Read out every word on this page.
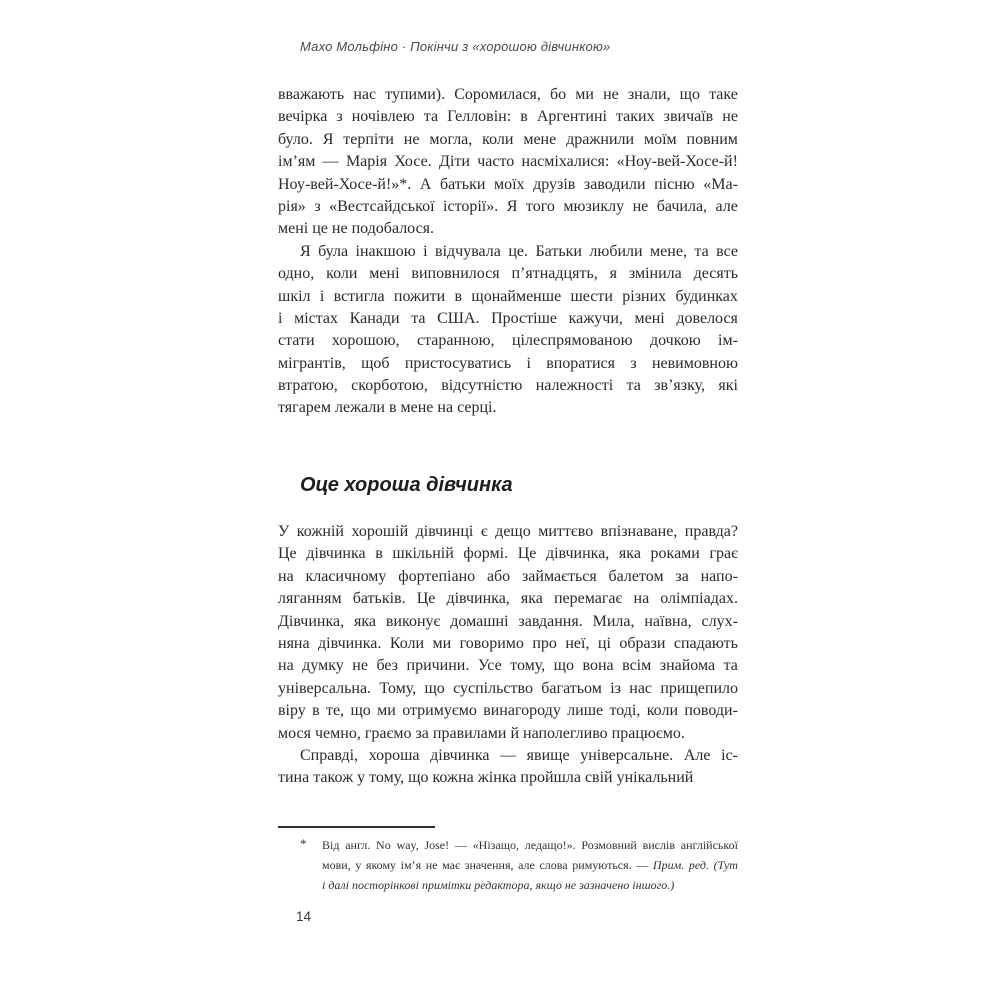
Махо Мольфіно · Покінчи з «хорошою дівчинкою»
вважають нас тупими). Соромилася, бо ми не знали, що таке
вечірка з ночівлею та Гелловін: в Аргентині таких звичаїв не
було. Я терпіти не могла, коли мене дражнили моїм повним
ім’ям — Марія Хосе. Діти часто насміхалися: «Ноу-вей-Хосе-й!
Ноу-вей-Хосе-й!»*. А батьки моїх друзів заводили пісню «Ма-
рія» з «Вестсайдської історії». Я того мюзиклу не бачила, але
мені це не подобалося.
Я була інакшою і відчувала це. Батьки любили мене, та все
одно, коли мені виповнилося п’ятнадцять, я змінила десять
шкіл і встигла пожити в щонайменше шести різних будинках
і містах Канади та США. Простіше кажучи, мені довелося
стати хорошою, старанною, цілеспрямованою дочкою ім-
мігрантів, щоб пристосуватись і впоратися з невимовною
втратою, скорботою, відсутністю належності та зв’язку, які
тягарем лежали в мене на серці.
Оце хороша дівчинка
У кожній хорошій дівчинці є дещо миттєво впізнаване, правда?
Це дівчинка в шкільній формі. Це дівчинка, яка роками грає
на класичному фортепіано або займається балетом за напо-
ляганням батьків. Це дівчинка, яка перемагає на олімпіадах.
Дівчинка, яка виконує домашні завдання. Мила, наївна, слух-
няна дівчинка. Коли ми говоримо про неї, ці образи спадають
на думку не без причини. Усе тому, що вона всім знайома та
універсальна. Тому, що суспільство багатьом із нас прищепило
віру в те, що ми отримуємо винагороду лише тоді, коли поводи-
мося чемно, граємо за правилами й наполегливо працюємо.
Справді, хороша дівчинка — явище універсальне. Але іс-
тина також у тому, що кожна жінка пройшла свій унікальний
* Від англ. No way, Jose! — «Нізащо, ледащо!». Розмовний вислів англійської
мови, у якому ім’я не має значення, але слова римуються. — Прим. ред. (Тут
і далі посторінкові примітки редактора, якщо не зазначено іншого.)
14
